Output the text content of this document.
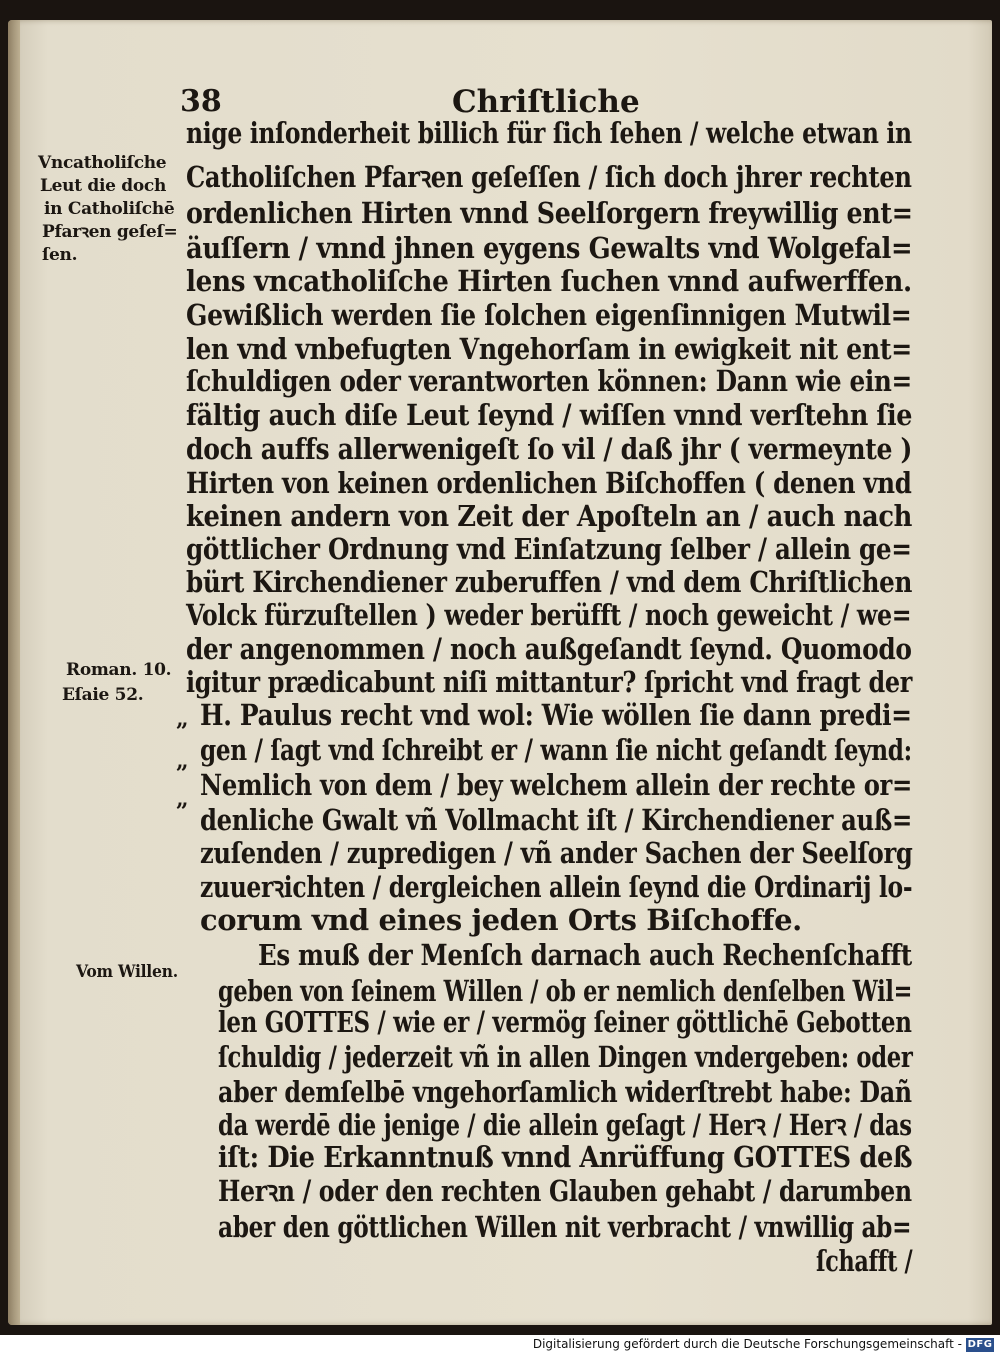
38	Chriſtliche
Vncatholiſche
Leut die doch
in Catholiſchē
Pfarꝛen geſeſ=
ſen.
Roman. 10.
Eſaie 52.
Vom Willen.
„
„
„
nige inſonderheit billich für ſich ſehen / welche etwan in
Catholiſchen Pfarꝛen geſeſſen / ſich doch jhrer rechten
ordenlichen Hirten vnnd Seelſorgern freywillig ent=
äuſſern / vnnd jhnen eygens Gewalts vnd Wolgefal=
lens vncatholiſche Hirten ſuchen vnnd aufwerffen.
Gewißlich werden ſie ſolchen eigenſinnigen Mutwil=
len vnd vnbefugten Vngehorſam in ewigkeit nit ent=
ſchuldigen oder verantworten können: Dann wie ein=
fältig auch diſe Leut ſeynd / wiſſen vnnd verſtehn ſie
doch auffs allerwenigeſt ſo vil / daß jhr ( vermeynte )
Hirten von keinen ordenlichen Biſchoffen ( denen vnd
keinen andern von Zeit der Apoſteln an / auch nach
göttlicher Ordnung vnd Einſatzung ſelber / allein ge=
bürt Kirchendiener zuberuffen / vnd dem Chriſtlichen
Volck fürzuſtellen ) weder berüfft / noch geweicht / we=
der angenommen / noch außgeſandt ſeynd. Quomodo
igitur prædicabunt niſi mittantur? ſpricht vnd fragt der
H. Paulus recht vnd wol: Wie wöllen ſie dann predi=
gen / ſagt vnd ſchreibt er / wann ſie nicht geſandt ſeynd:
Nemlich von dem / bey welchem allein der rechte or=
denliche Gwalt vñ Vollmacht iſt / Kirchendiener auß=
zuſenden / zupredigen / vñ ander Sachen der Seelſorg
zuuerꝛichten / dergleichen allein ſeynd die Ordinarij lo-
corum vnd eines jeden Orts Biſchoffe.
Es muß der Menſch darnach auch Rechenſchafft
geben von ſeinem Willen / ob er nemlich denſelben Wil=
len GOTTES / wie er / vermög ſeiner göttlichē Gebotten
ſchuldig / jederzeit vñ in allen Dingen vndergeben: oder
aber demſelbē vngehorſamlich widerſtrebt habe: Dañ
da werdē die jenige / die allein geſagt / Herꝛ / Herꝛ / das
iſt: Die Erkanntnuß vnnd Anrüffung GOTTES deß
Herꝛn / oder den rechten Glauben gehabt / darumben
aber den göttlichen Willen nit verbracht / vnwillig ab=
ſchafft /
Digitalisierung gefördert durch die Deutsche Forschungsgemeinschaft - DFG
